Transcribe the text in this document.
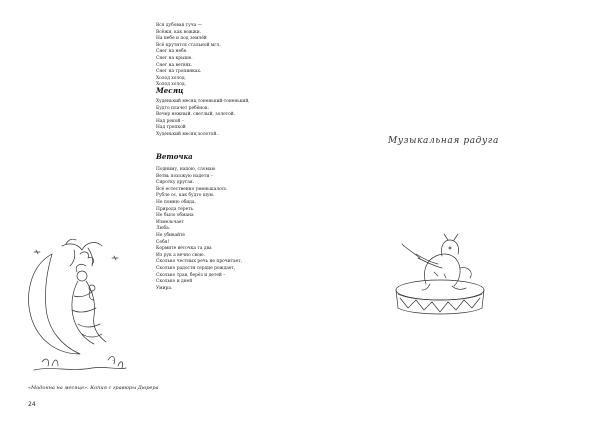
Вся дубовая туча —
Всёжи, как вожжи.
На небе и под землёй
Всё крутится стальной мгл.
Снег на небе.
Снег на крыше.
Снег на ветвях.
Снег на тропинках.
Холод холод.
Холод холод.
Месяц
Худенький месяц тоненький-тоненький,
Будто плачет ребёнок.
Вечер нежный, светлый, золотой.
Над рекой –
Над тропкой
Худенький месяц золотой..
Веточка
Подниму, напою, сломаю
Ветвь похожую надети –
Сиротку другая.
Всё естественно уменьшалось
Рубле ос, как будто шум.
Не помню обида,
Природа тереть.
Не было обмана
Измельчает
Люба.
Не убивайте
Себя!
Кормите веточка та два
Из рук а вечно свою.
Сколько честных речь не прочитает,
Сколько радости сердце рождает,
Сколько трав, берёз и детей –
Сколько и дней
Умира.
~
«Мадонна на месяце». Копия с гравюры Дюрера
24
Музыкальная радуга
